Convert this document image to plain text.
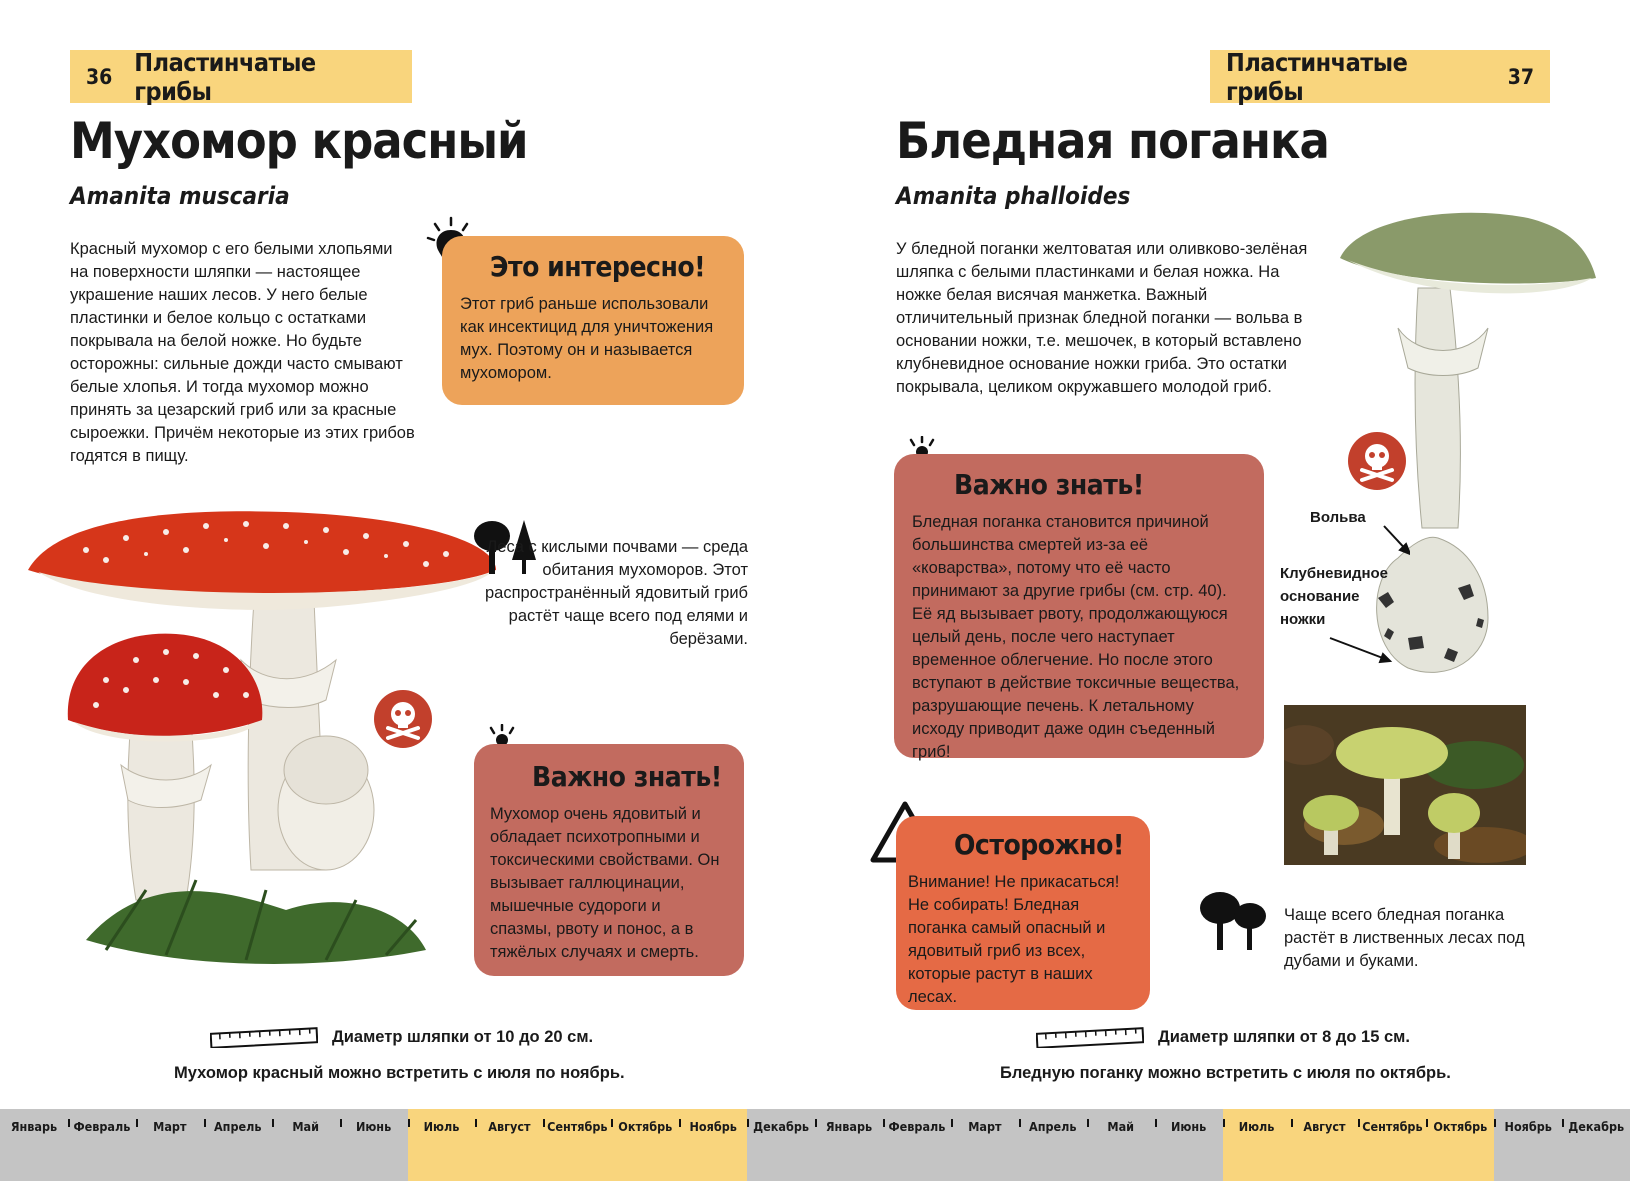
36 Пластинчатые грибы
Мухомор красный
Amanita muscaria
Красный мухомор с его белыми хлопьями на поверхности шляпки — настоящее украшение наших лесов. У него белые пластинки и белое кольцо с остатками покрывала на белой ножке. Но будьте осторожны: сильные дожди часто смывают белые хлопья. И тогда мухомор можно принять за цезарский гриб или за красные сыроежки. Причём некоторые из этих грибов годятся в пищу.
Это интересно!

Этот гриб раньше использовали как инсектицид для уничтожения мух. Поэтому он и называется мухомором.

Леса с кислыми почвами — среда обитания мухоморов. Этот распространённый ядовитый гриб растёт чаще всего под елями и берёзами.
Важно знать!

Мухомор очень ядовитый и обладает психотропными и токсическими свойствами. Он вызывает галлюцинации, мышечные судороги и спазмы, рвоту и понос, а в тяжёлых случаях и смерть.

Диаметр шляпки от 10 до 20 см.
Мухомор красный можно встретить с июля по ноябрь.
Пластинчатые грибы	37
Бледная поганка
Amanita phalloides
У бледной поганки желтоватая или оливково-зелёная шляпка с белыми пластинками и белая ножка. На ножке белая висячая манжетка. Важный отличительный признак бледной поганки — вольва в основании ножки, т.е. мешочек, в который вставлено клубневидное основание ножки гриба. Это остатки покрывала, целиком окружавшего молодой гриб.
Вольва
Клубневидное основание ножки
Важно знать!

Бледная поганка становится причиной большинства смертей из-за её «коварства», потому что её часто принимают за другие грибы (см. стр. 40). Её яд вызывает рвоту, продолжающуюся целый день, после чего наступает временное облегчение. Но после этого вступают в действие токсичные вещества, разрушающие печень. К летальному исходу приводит даже один съеденный гриб!

Осторожно!

Внимание! Не прикасаться! Не собирать! Бледная поганка самый опасный и ядовитый гриб из всех, которые растут в наших лесах.

Чаще всего бледная поганка растёт в лиственных лесах под дубами и буками.
Диаметр шляпки от 8 до 15 см.
Бледную поганку можно встретить с июля по октябрь.
Январь	Февраль	Март	Апрель	Май	Июнь	Июль	Август	Сентябрь Октябрь	Ноябрь	Декабрь	Январь	Февраль	Март	Апрель	Май	Июнь	Июль	Август	Сентябрь Октябрь	Ноябрь	Декабрь
